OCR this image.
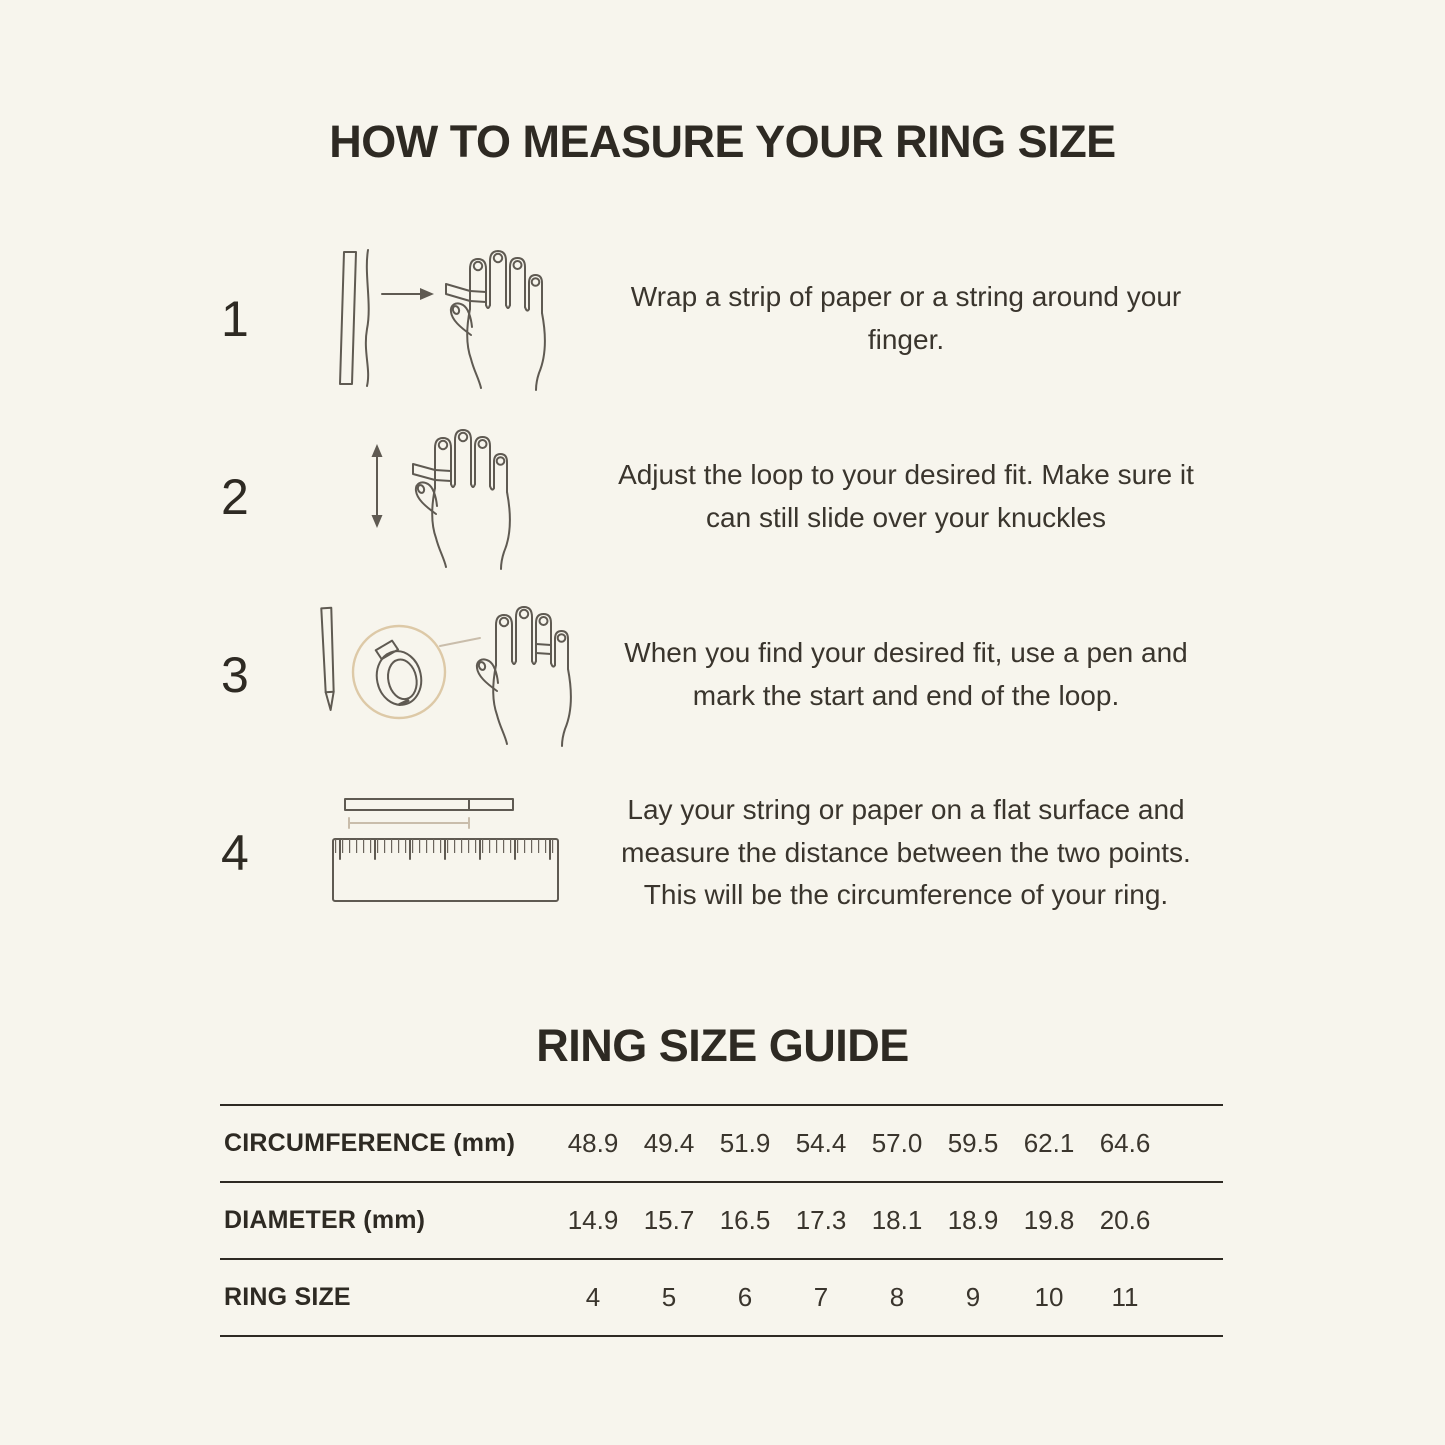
HOW TO MEASURE YOUR RING SIZE
1	Wrap a strip of paper or a string around your finger.
2	Adjust the loop to your desired fit. Make sure it can still slide over your knuckles
3	When you find your desired fit, use a pen and mark the start and end of the loop.
4
Lay your string or paper on a flat surface and measure the distance between the two points. This will be the circumference of your ring.
RING SIZE GUIDE
CIRCUMFERENCE (mm)	48.9 49.4 51.9 54.4 57.0 59.5 62.1 64.6
DIAMETER (mm)	14.9 15.7 16.5 17.3 18.1 18.9 19.8 20.6
RING SIZE	4	5	6	7	8	9	10	11
